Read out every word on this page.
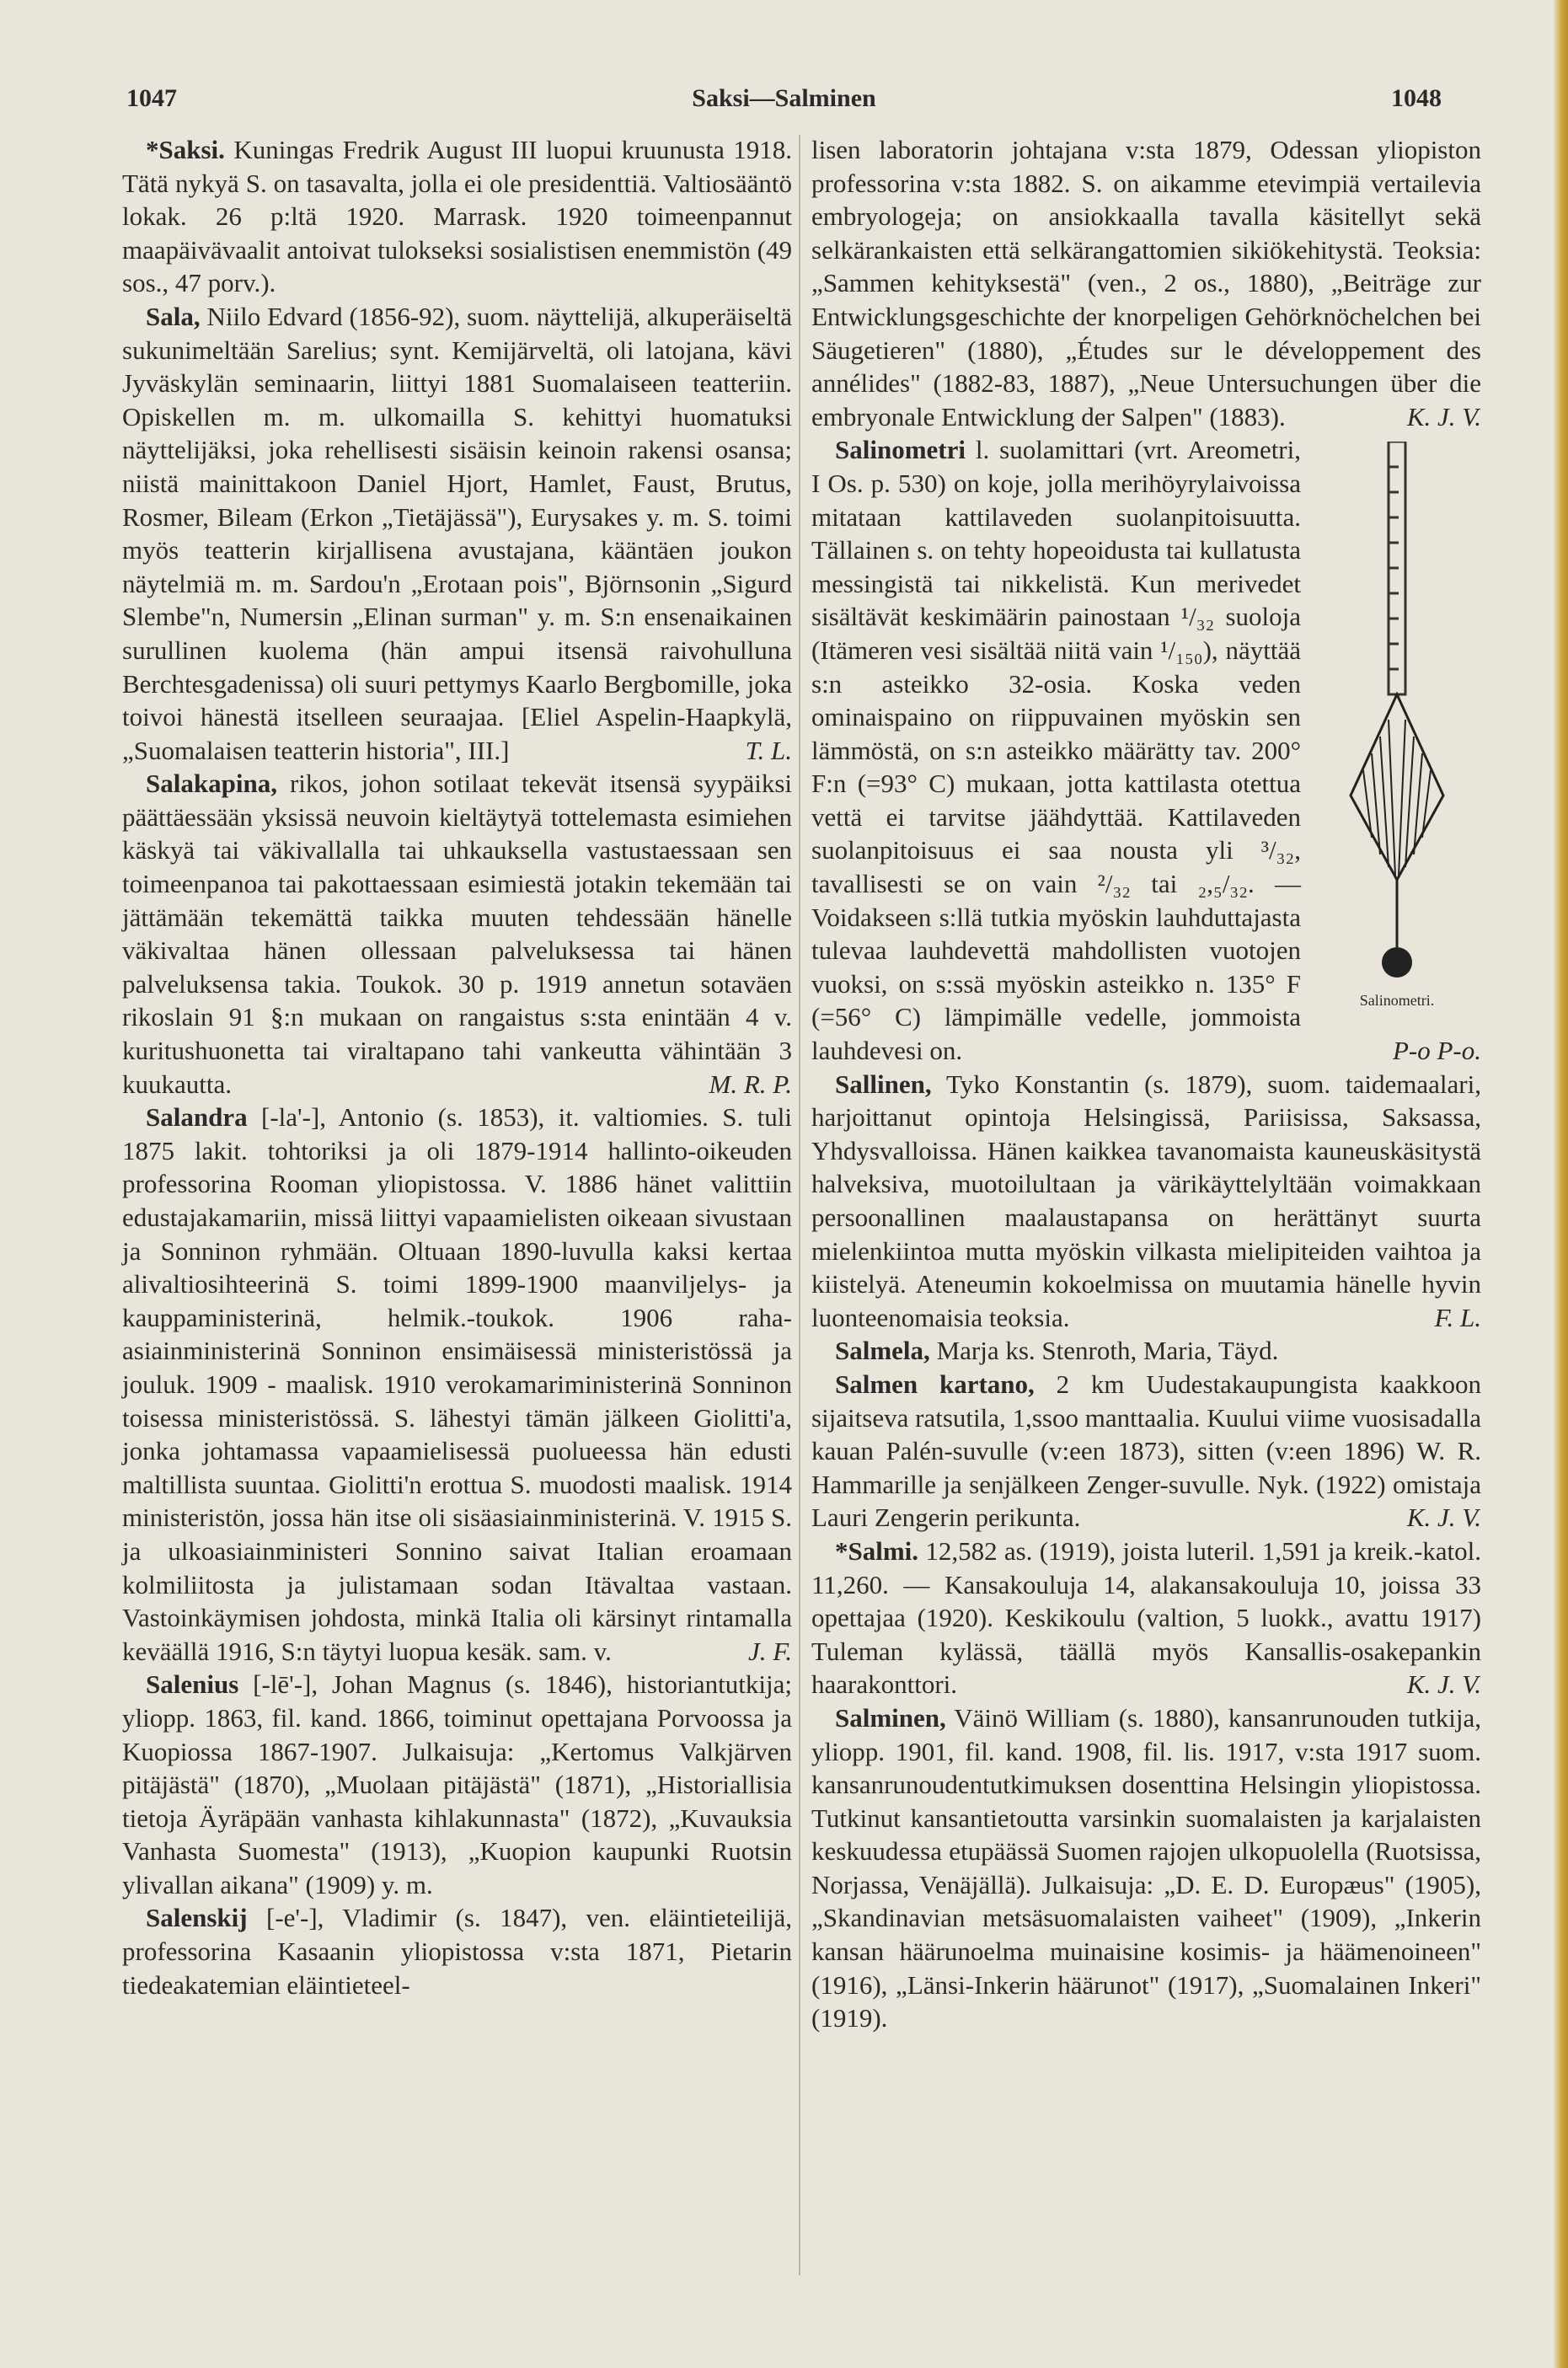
1047	Saksi—Salminen	1048

*Saksi. Kuningas Fredrik August III luopui kruunusta 1918. Tätä nykyä S. on tasavalta, jolla ei ole presidenttiä. Valtiosääntö lokak. 26 p:ltä 1920. Marrask. 1920 toimeenpannut maapäivävaalit antoivat tulokseksi sosialistisen enemmistön (49 sos., 47 porv.).

Sala, Niilo Edvard (1856-92), suom. näyttelijä, alkuperäiseltä sukunimeltään Sarelius; synt. Kemijärveltä, oli latojana, kävi Jyväskylän seminaarin, liittyi 1881 Suomalaiseen teatteriin. Opiskellen m. m. ulkomailla S. kehittyi huomatuksi näyttelijäksi, joka rehellisesti sisäisin keinoin rakensi osansa; niistä mainittakoon Daniel Hjort, Hamlet, Faust, Brutus, Rosmer, Bileam (Erkon „Tietäjässä"), Eurysakes y. m. S. toimi myös teatterin kirjallisena avustajana, kääntäen joukon näytelmiä m. m. Sardou'n „Erotaan pois", Björnsonin „Sigurd Slembe"n, Numersin „Elinan surman" y. m. S:n ensenaikainen surullinen kuolema (hän ampui itsensä raivohulluna Berchtesgadenissa) oli suuri pettymys Kaarlo Bergbomille, joka toivoi hänestä itselleen seuraajaa. [Eliel Aspelin-Haapkylä, „Suomalaisen teatterin historia", III.]	T. L.

Salakapina, rikos, johon sotilaat tekevät itsensä syypäiksi päättäessään yksissä neuvoin kieltäytyä tottelemasta esimiehen käskyä tai väkivallalla tai uhkauksella vastustaessaan sen toimeenpanoa tai pakottaessaan esimiestä jotakin tekemään tai jättämään tekemättä taikka muuten tehdessään hänelle väkivaltaa hänen ollessaan palveluksessa tai hänen palveluksensa takia. Toukok. 30 p. 1919 annetun sotaväen rikoslain 91 §:n mukaan on rangaistus s:sta enintään 4 v. kuritushuonetta tai viraltapano tahi vankeutta vähintään 3 kuukautta.	M. R. P.

Salandra [-la'-], Antonio (s. 1853), it. valtiomies. S. tuli 1875 lakit. tohtoriksi ja oli 1879-1914 hallinto-oikeuden professorina Rooman yliopistossa. V. 1886 hänet valittiin edustajakamariin, missä liittyi vapaamielisten oikeaan sivustaan ja Sonninon ryhmään. Oltuaan 1890-luvulla kaksi kertaa alivaltiosihteerinä S. toimi 1899-1900 maanviljelys- ja kauppaministerinä, helmik.-toukok. 1906 raha-asiainministerinä Sonninon ensimäisessä ministeristössä ja jouluk. 1909 - maalisk. 1910 verokamariministerinä Sonninon toisessa ministeristössä. S. lähestyi tämän jälkeen Giolitti'a, jonka johtamassa vapaamielisessä puolueessa hän edusti maltillista suuntaa. Giolitti'n erottua S. muodosti maalisk. 1914 ministeristön, jossa hän itse oli sisäasiainministerinä. V. 1915 S. ja ulkoasiainministeri Sonnino saivat Italian eroamaan kolmiliitosta ja julistamaan sodan Itävaltaa vastaan. Vastoinkäymisen johdosta, minkä Italia oli kärsinyt rintamalla keväällä 1916, S:n täytyi luopua kesäk. sam. v.	J. F.

Salenius [-lē'-], Johan Magnus (s. 1846), historiantutkija; yliopp. 1863, fil. kand. 1866, toiminut opettajana Porvoossa ja Kuopiossa 1867-1907. Julkaisuja: „Kertomus Valkjärven pitäjästä" (1870), „Muolaan pitäjästä" (1871), „Historiallisia tietoja Äyräpään vanhasta kihlakunnasta" (1872), „Kuvauksia Vanhasta Suomesta" (1913), „Kuopion kaupunki Ruotsin ylivallan aikana" (1909) y. m.

Salenskij [-e'-], Vladimir (s. 1847), ven. eläintieteilijä, professorina Kasaanin yliopistossa v:sta 1871, Pietarin tiedeakatemian eläintieteel-

lisen laboratorin johtajana v:sta 1879, Odessan yliopiston professorina v:sta 1882. S. on aikamme etevimpiä vertailevia embryologeja; on ansiokkaalla tavalla käsitellyt sekä selkärankaisten että selkärangattomien sikiökehitystä. Teoksia: „Sammen kehityksestä" (ven., 2 os., 1880), „Beiträge zur Entwicklungsgeschichte der knorpeligen Gehörknöchelchen bei Säugetieren" (1880), „Études sur le développement des annélides" (1882-83, 1887), „Neue Untersuchungen über die embryonale Entwicklung der Salpen" (1883).	K. J. V.

Salinometri.

Salinometri l. suolamittari (vrt. Areometri, I Os. p. 530) on koje, jolla merihöyrylaivoissa mitataan kattilaveden suolanpitoisuutta. Tällainen s. on tehty hopeoidusta tai kullatusta messingistä tai nikkelistä. Kun merivedet sisältävät keskimäärin painostaan ¹/₃₂ suoloja (Itämeren vesi sisältää niitä vain ¹/₁₅₀), näyttää s:n asteikko 32-osia. Koska veden ominaispaino on riippuvainen myöskin sen lämmöstä, on s:n asteikko määrätty tav. 200° F:n (=93° C) mukaan, jotta kattilasta otettua vettä ei tarvitse jäähdyttää. Kattilaveden suolanpitoisuus ei saa nousta yli ³/₃₂, tavallisesti se on vain ²/₃₂ tai ₂,₅/₃₂. — Voidakseen s:llä tutkia myöskin lauhduttajasta tulevaa lauhdevettä mahdollisten vuotojen vuoksi, on s:ssä myöskin asteikko n. 135° F (=56° C) lämpimälle vedelle, jommoista lauhdevesi on.	P-o P-o.

Sallinen, Tyko Konstantin (s. 1879), suom. taidemaalari, harjoittanut opintoja Helsingissä, Pariisissa, Saksassa, Yhdysvalloissa. Hänen kaikkea tavanomaista kauneuskäsitystä halveksiva, muotoilultaan ja värikäyttelyltään voimakkaan persoonallinen maalaustapansa on herättänyt suurta mielenkiintoa mutta myöskin vilkasta mielipiteiden vaihtoa ja kiistelyä. Ateneumin kokoelmissa on muutamia hänelle hyvin luonteenomaisia teoksia.	F. L.

Salmela, Marja ks. Stenroth, Maria, Täyd.

Salmen kartano, 2 km Uudestakaupungista kaakkoon sijaitseva ratsutila, 1,ssoo manttaalia. Kuului viime vuosisadalla kauan Palén-suvulle (v:een 1873), sitten (v:een 1896) W. R. Hammarille ja senjälkeen Zenger-suvulle. Nyk. (1922) omistaja Lauri Zengerin perikunta.	K. J. V.

*Salmi. 12,582 as. (1919), joista luteril. 1,591 ja kreik.-katol. 11,260. — Kansakouluja 14, alakansakouluja 10, joissa 33 opettajaa (1920). Keskikoulu (valtion, 5 luokk., avattu 1917) Tuleman kylässä, täällä myös Kansallis-osakepankin haarakonttori.	K. J. V.

Salminen, Väinö William (s. 1880), kansanrunouden tutkija, yliopp. 1901, fil. kand. 1908, fil. lis. 1917, v:sta 1917 suom. kansanrunoudentutkimuksen dosenttina Helsingin yliopistossa. Tutkinut kansantietoutta varsinkin suomalaisten ja karjalaisten keskuudessa etupäässä Suomen rajojen ulkopuolella (Ruotsissa, Norjassa, Venäjällä). Julkaisuja: „D. E. D. Europæus" (1905), „Skandinavian metsäsuomalaisten vaiheet" (1909), „Inkerin kansan häärunoelma muinaisine kosimis- ja häämenoineen" (1916), „Länsi-Inkerin häärunot" (1917), „Suomalainen Inkeri" (1919).
